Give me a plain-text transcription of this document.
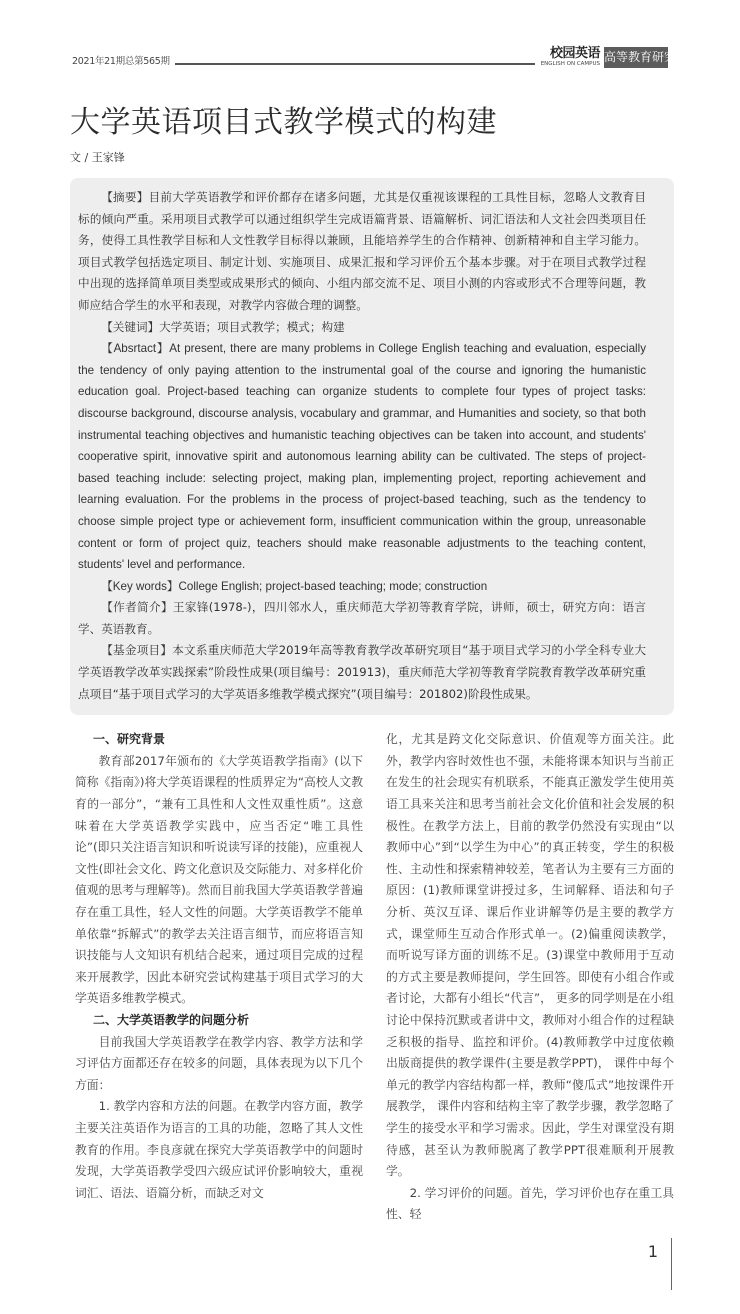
2021年21期总第565期
校园英语
ENGLISH ON CAMPUS 高等教育研究
大学英语项目式教学模式的构建
文 / 王家锋

【摘要】目前大学英语教学和评价都存在诸多问题，尤其是仅重视该课程的工具性目标，忽略人文教育目标的倾向严重。采用项目式教学可以通过组织学生完成语篇背景、语篇解析、词汇语法和人文社会四类项目任务，使得工具性教学目标和人文性教学目标得以兼顾，且能培养学生的合作精神、创新精神和自主学习能力。项目式教学包括选定项目、制定计划、实施项目、成果汇报和学习评价五个基本步骤。对于在项目式教学过程中出现的选择简单项目类型或成果形式的倾向、小组内部交流不足、项目小测的内容或形式不合理等问题，教师应结合学生的水平和表现，对教学内容做合理的调整。

【关键词】大学英语；项目式教学；模式；构建

【Absrtact】At present, there are many problems in College English teaching and evaluation, especially the tendency of only paying attention to the instrumental goal of the course and ignoring the humanistic education goal. Project-based teaching can organize students to complete four types of project tasks: discourse background, discourse analysis, vocabulary and grammar, and Humanities and society, so that both instrumental teaching objectives and humanistic teaching objectives can be taken into account, and students' cooperative spirit, innovative spirit and autonomous learning ability can be cultivated. The steps of project-based teaching include: selecting project, making plan, implementing project, reporting achievement and learning evaluation. For the problems in the process of project-based teaching, such as the tendency to choose simple project type or achievement form, insufficient communication within the group, unreasonable content or form of project quiz, teachers should make reasonable adjustments to the teaching content, students' level and performance.

【Key words】College English; project-based teaching; mode; construction

【作者简介】王家锋(1978-)，四川邻水人，重庆师范大学初等教育学院，讲师，硕士，研究方向：语言学、英语教育。

【基金项目】本文系重庆师范大学2019年高等教育教学改革研究项目“基于项目式学习的小学全科专业大学英语教学改革实践探索”阶段性成果(项目编号：201913)，重庆师范大学初等教育学院教育教学改革研究重点项目“基于项目式学习的大学英语多维教学模式探究”(项目编号：201802)阶段性成果。

一、研究背景

教育部2017年颁布的《大学英语教学指南》(以下简称《指南》)将大学英语课程的性质界定为“高校人文教育的一部分”，“兼有工具性和人文性双重性质”。这意味着在大学英语教学实践中，应当否定“唯工具性论”(即只关注语言知识和听说读写译的技能)，应重视人文性(即社会文化、跨文化意识及交际能力、对多样化价值观的思考与理解等)。然而目前我国大学英语教学普遍存在重工具性，轻人文性的问题。大学英语教学不能单单依靠“拆解式”的教学去关注语言细节，而应将语言知识技能与人文知识有机结合起来，通过项目完成的过程来开展教学，因此本研究尝试构建基于项目式学习的大学英语多维教学模式。

二、大学英语教学的问题分析

目前我国大学英语教学在教学内容、教学方法和学习评估方面都还存在较多的问题，具体表现为以下几个方面：

1. 教学内容和方法的问题。在教学内容方面，教学主要关注英语作为语言的工具的功能，忽略了其人文性教育的作用。李良彦就在探究大学英语教学中的问题时发现，大学英语教学受四六级应试评价影响较大，重视词汇、语法、语篇分析，而缺乏对文

化，尤其是跨文化交际意识、价值观等方面关注。此外，教学内容时效性也不强，未能将课本知识与当前正在发生的社会现实有机联系，不能真正激发学生使用英语工具来关注和思考当前社会文化价值和社会发展的积极性。在教学方法上，目前的教学仍然没有实现由“以教师中心”到“以学生为中心”的真正转变，学生的积极性、主动性和探索精神较差，笔者认为主要有三方面的原因：(1)教师课堂讲授过多，生词解释、语法和句子分析、英汉互译、课后作业讲解等仍是主要的教学方式，课堂师生互动合作形式单一。(2)偏重阅读教学，而听说写译方面的训练不足。(3)课堂中教师用于互动的方式主要是教师提问，学生回答。即使有小组合作或者讨论，大都有小组长“代言”， 更多的同学则是在小组讨论中保持沉默或者讲中文，教师对小组合作的过程缺乏积极的指导、监控和评价。(4)教师教学中过度依赖出版商提供的教学课件(主要是教学PPT)， 课件中每个单元的教学内容结构都一样，教师“傻瓜式”地按课件开展教学， 课件内容和结构主宰了教学步骤，教学忽略了学生的接受水平和学习需求。因此，学生对课堂没有期待感，甚至认为教师脱离了教学PPT很难顺利开展教学。

2. 学习评价的问题。首先，学习评价也存在重工具性、轻

1
